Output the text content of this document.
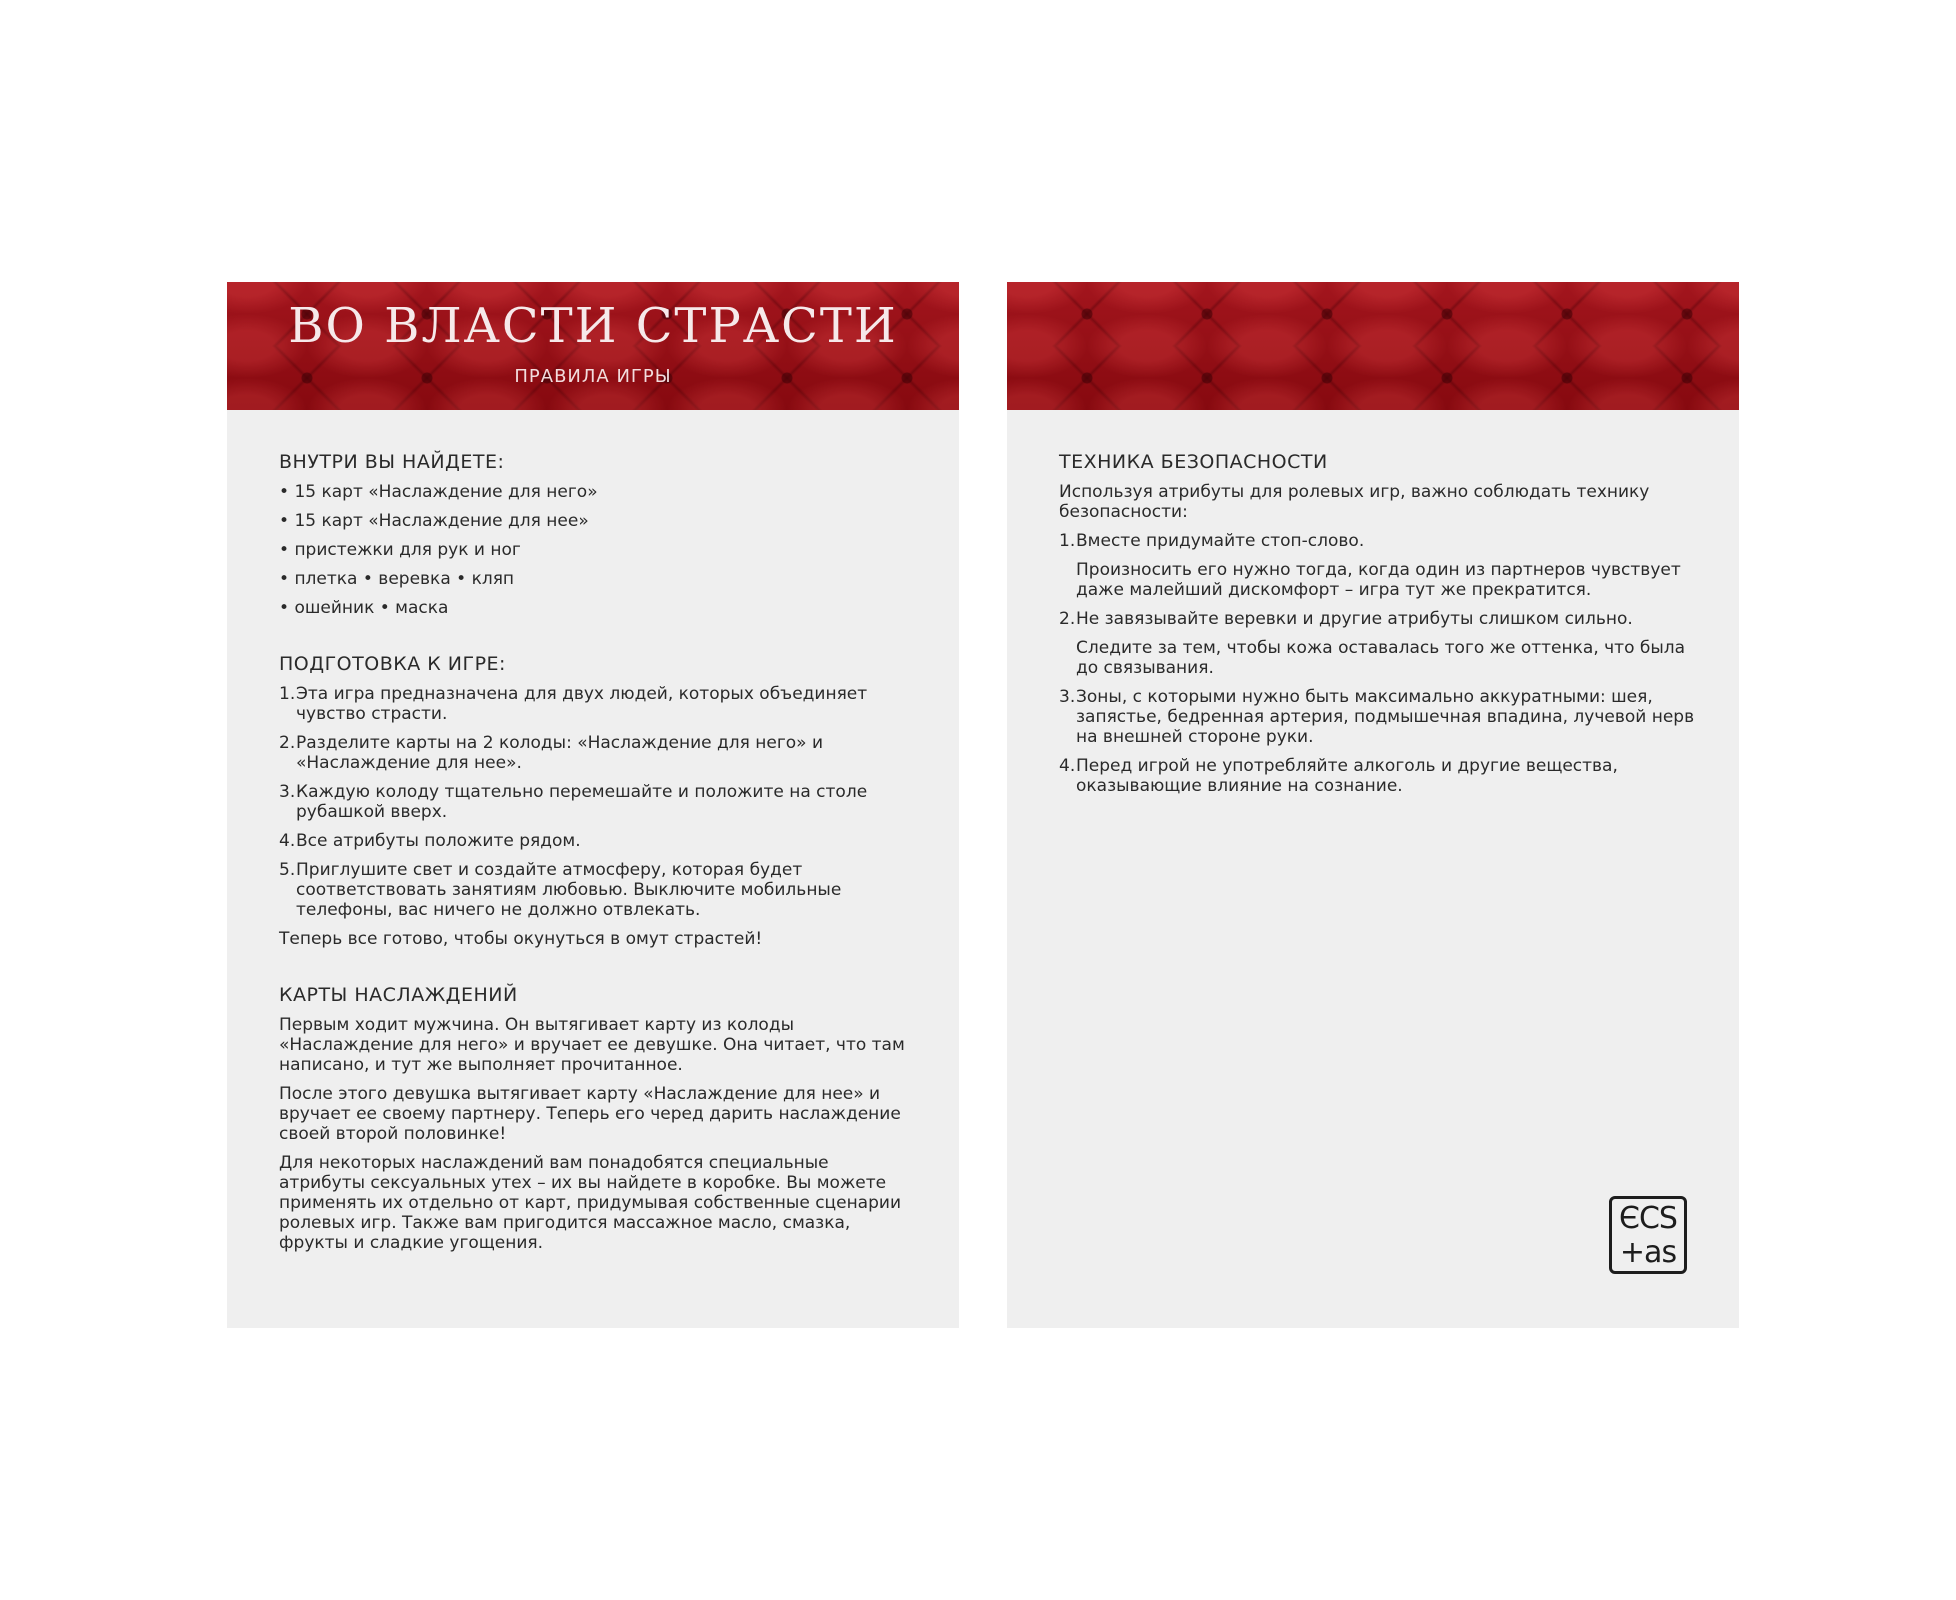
ВО ВЛАСТИ СТРАСТИ
ПРАВИЛА ИГРЫ
ВНУТРИ ВЫ НАЙДЕТЕ:
• 15 карт «Наслаждение для него»
• 15 карт «Наслаждение для нее»
• пристежки для рук и ног
• плетка • веревка • кляп
• ошейник • маска
ПОДГОТОВКА К ИГРЕ:
1. Эта игра предназначена для двух людей, которых объединяет чувство страсти.
2. Разделите карты на 2 колоды: «Наслаждение для него» и «Наслаждение для нее».
3. Каждую колоду тщательно перемешайте и положите на столе рубашкой вверх.
4. Все атрибуты положите рядом.
5. Приглушите свет и создайте атмосферу, которая будет соответствовать занятиям любовью. Выключите мобильные телефоны, вас ничего не должно отвлекать.
Теперь все готово, чтобы окунуться в омут страстей!
КАРТЫ НАСЛАЖДЕНИЙ
Первым ходит мужчина. Он вытягивает карту из колоды «Наслаждение для него» и вручает ее девушке. Она читает, что там написано, и тут же выполняет прочитанное.
После этого девушка вытягивает карту «Наслаждение для нее» и вручает ее своему партнеру. Теперь его черед дарить наслаждение своей второй половинке!
Для некоторых наслаждений вам понадобятся специальные атрибуты сексуальных утех – их вы найдете в коробке. Вы можете применять их отдельно от карт, придумывая собственные сценарии ролевых игр. Также вам пригодится массажное масло, смазка, фрукты и сладкие угощения.
ТЕХНИКА БЕЗОПАСНОСТИ
Используя атрибуты для ролевых игр, важно соблюдать технику безопасности:
1. Вместе придумайте стоп-слово.
Произносить его нужно тогда, когда один из партнеров чувствует даже малейший дискомфорт – игра тут же прекратится.
2. Не завязывайте веревки и другие атрибуты слишком сильно.
Следите за тем, чтобы кожа оставалась того же оттенка, что была до связывания.
3. Зоны, с которыми нужно быть максимально аккуратными: шея, запястье, бедренная артерия, подмышечная впадина, лучевой нерв на внешней стороне руки.
4. Перед игрой не употребляйте алкоголь и другие вещества, оказывающие влияние на сознание.
ЄCS
+as
